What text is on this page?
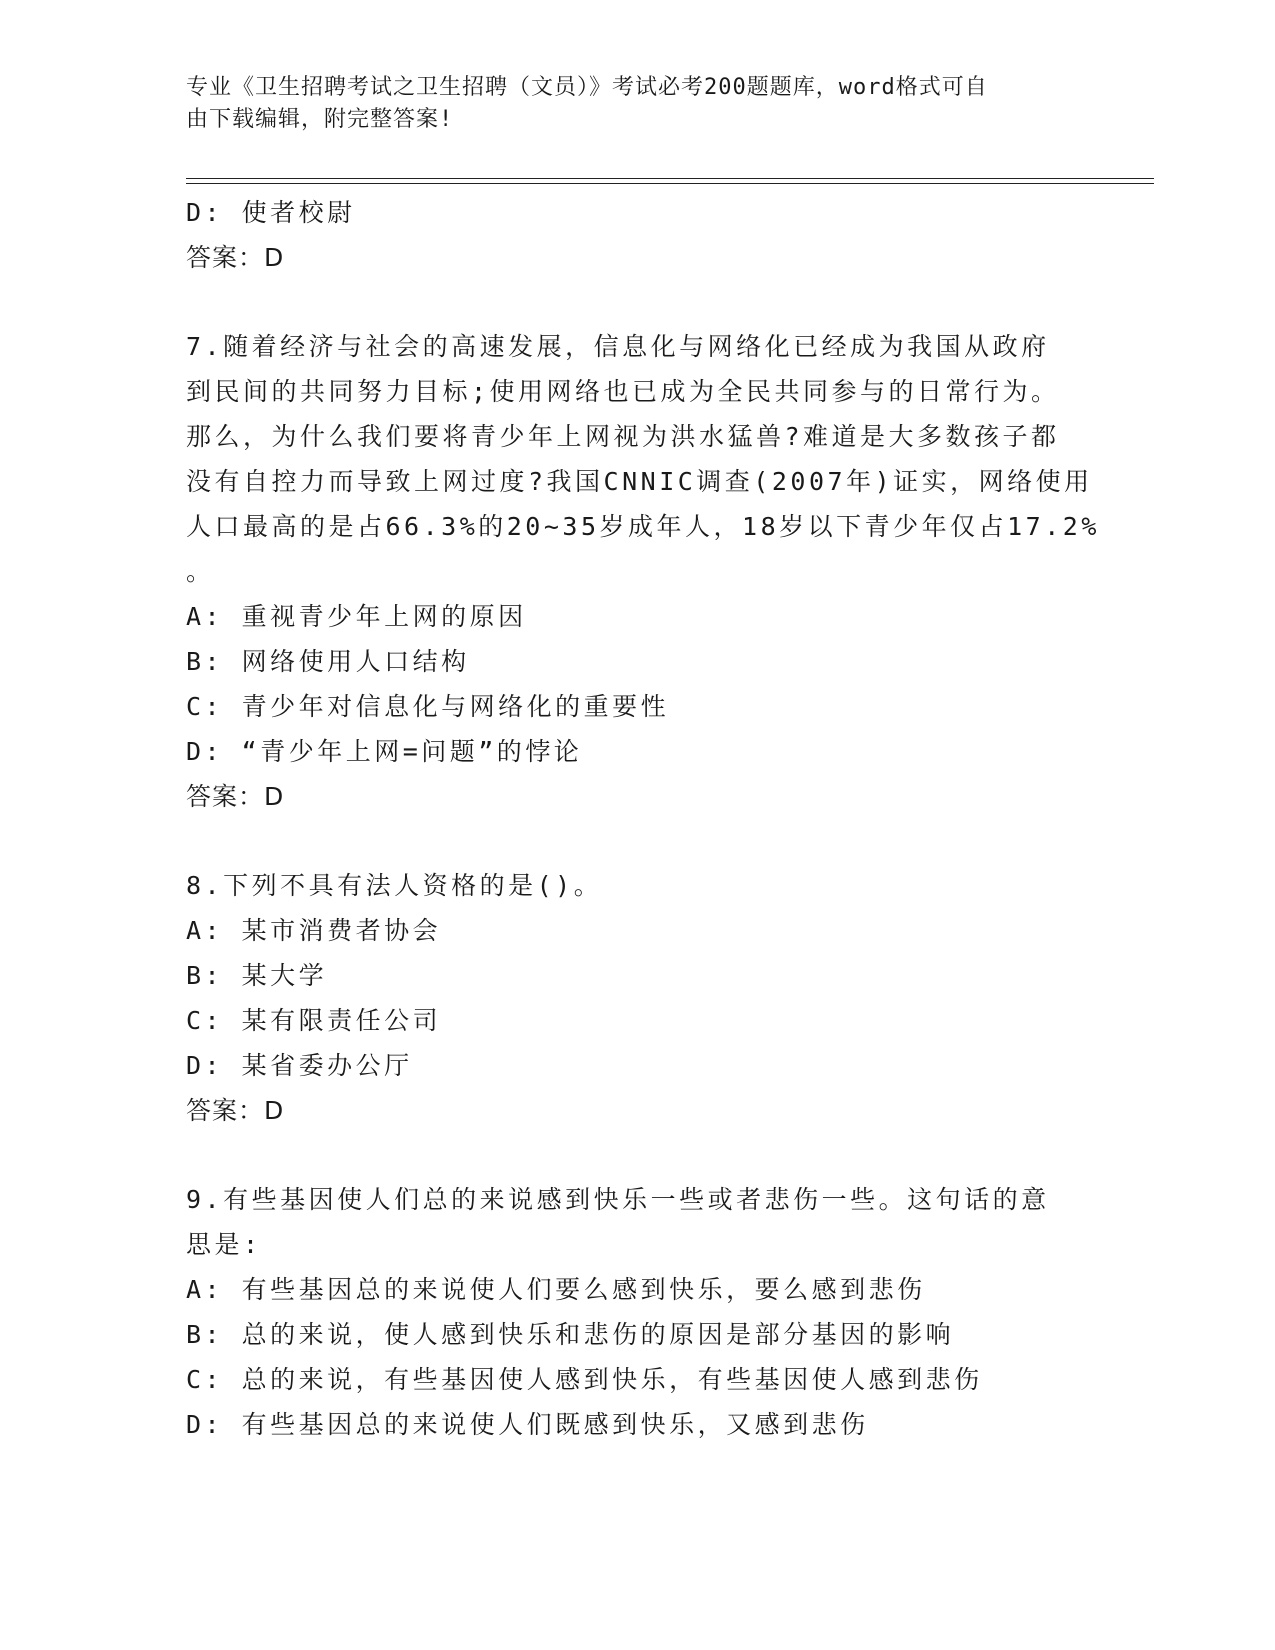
专业《卫生招聘考试之卫生招聘（文员）》考试必考200题题库，word格式可自
由下载编辑，附完整答案!
D: 使者校尉
答案：D
7.随着经济与社会的高速发展，信息化与网络化已经成为我国从政府
到民间的共同努力目标;使用网络也已成为全民共同参与的日常行为。
那么，为什么我们要将青少年上网视为洪水猛兽?难道是大多数孩子都
没有自控力而导致上网过度?我国CNNIC调查(2007年)证实，网络使用
人口最高的是占66.3%的20~35岁成年人，18岁以下青少年仅占17.2%
。
A: 重视青少年上网的原因
B: 网络使用人口结构
C: 青少年对信息化与网络化的重要性
D: “青少年上网=问题”的悖论
答案：D
8.下列不具有法人资格的是()。
A: 某市消费者协会
B: 某大学
C: 某有限责任公司
D: 某省委办公厅
答案：D
9.有些基因使人们总的来说感到快乐一些或者悲伤一些。这句话的意
思是:
A: 有些基因总的来说使人们要么感到快乐，要么感到悲伤
B: 总的来说，使人感到快乐和悲伤的原因是部分基因的影响
C: 总的来说，有些基因使人感到快乐，有些基因使人感到悲伤
D: 有些基因总的来说使人们既感到快乐，又感到悲伤
